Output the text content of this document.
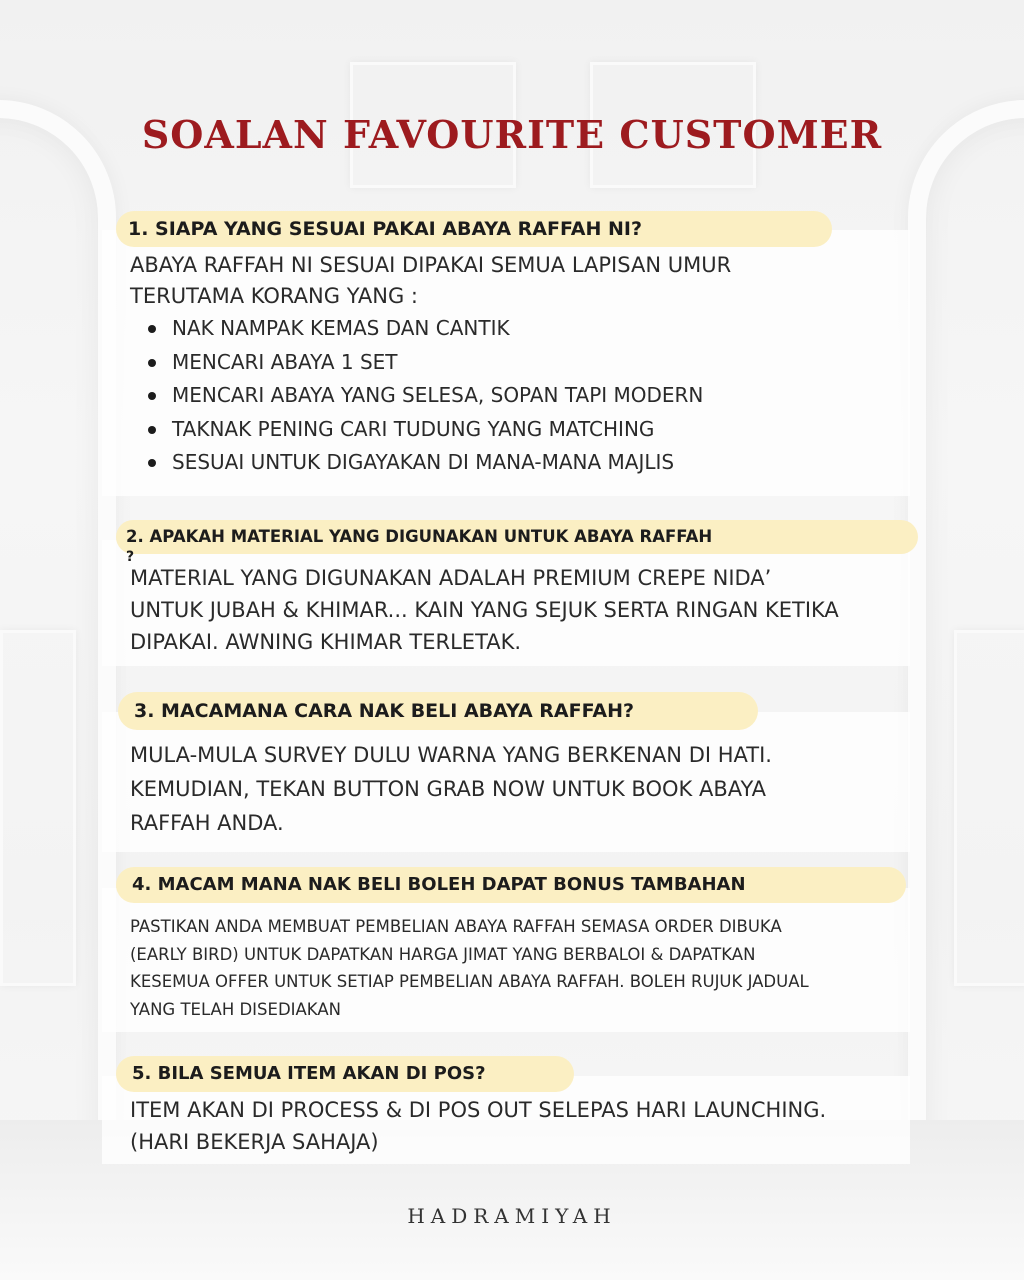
SOALAN FAVOURITE CUSTOMER
1. SIAPA YANG SESUAI PAKAI ABAYA RAFFAH NI?

ABAYA RAFFAH NI SESUAI DIPAKAI SEMUA LAPISAN UMUR
TERUTAMA KORANG YANG :

NAK NAMPAK KEMAS DAN CANTIK
MENCARI ABAYA 1 SET
MENCARI ABAYA YANG SELESA, SOPAN TAPI MODERN
TAKNAK PENING CARI TUDUNG YANG MATCHING
SESUAI UNTUK DIGAYAKAN DI MANA-MANA MAJLIS
2. APAKAH MATERIAL YANG DIGUNAKAN UNTUK ABAYA RAFFAH
?

MATERIAL YANG DIGUNAKAN ADALAH PREMIUM CREPE NIDA’
UNTUK JUBAH & KHIMAR... KAIN YANG SEJUK SERTA RINGAN KETIKA
DIPAKAI. AWNING KHIMAR TERLETAK.

3. MACAMANA CARA NAK BELI ABAYA RAFFAH?

MULA-MULA SURVEY DULU WARNA YANG BERKENAN DI HATI.
KEMUDIAN, TEKAN BUTTON GRAB NOW UNTUK BOOK ABAYA
RAFFAH ANDA.

4. MACAM MANA NAK BELI BOLEH DAPAT BONUS TAMBAHAN

PASTIKAN ANDA MEMBUAT PEMBELIAN ABAYA RAFFAH SEMASA ORDER DIBUKA
(EARLY BIRD) UNTUK DAPATKAN HARGA JIMAT YANG BERBALOI & DAPATKAN
KESEMUA OFFER UNTUK SETIAP PEMBELIAN ABAYA RAFFAH. BOLEH RUJUK JADUAL
YANG TELAH DISEDIAKAN

5. BILA SEMUA ITEM AKAN DI POS?

ITEM AKAN DI PROCESS & DI POS OUT SELEPAS HARI LAUNCHING.
(HARI BEKERJA SAHAJA)

HADRAMIYAH
